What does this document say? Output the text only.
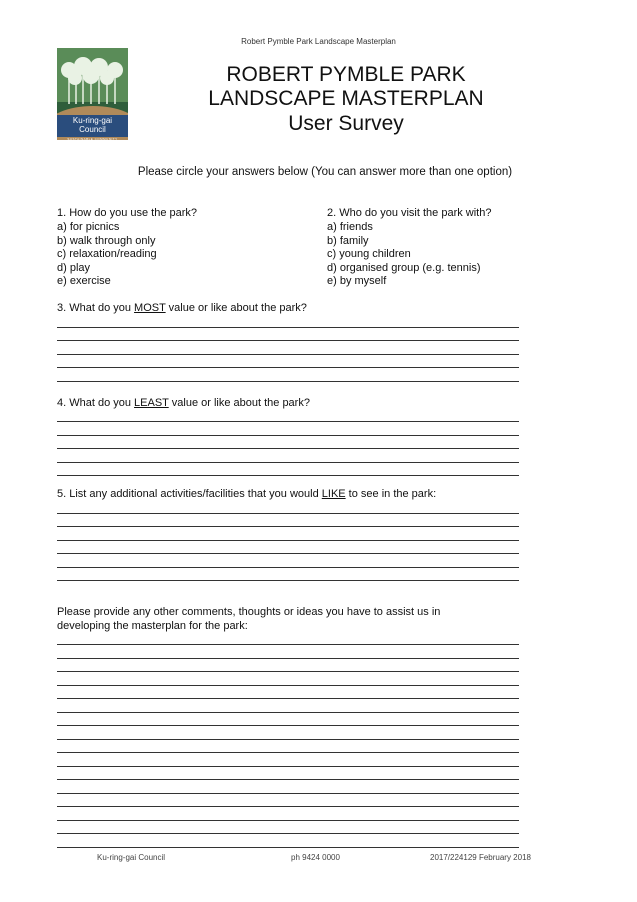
Robert Pymble Park Landscape Masterplan
Ku-ring-gai
Council
SUSTAINABLE COMMUNITY
ROBERT PYMBLE PARK
LANDSCAPE MASTERPLAN
User Survey
Please circle your answers below (You can answer more than one option)
1. How do you use the park?
a) for picnics
b) walk through only
c) relaxation/reading
d) play
e) exercise
2. Who do you visit the park with?
a) friends
b) family
c) young children
d) organised group (e.g. tennis)
e) by myself
3. What do you MOST value or like about the park?
4. What do you LEAST value or like about the park?
5. List any additional activities/facilities that you would LIKE to see in the park:
Please provide any other comments, thoughts or ideas you have to assist us in
developing the masterplan for the park:
Ku-ring-gai Council	ph 9424 0000	2017/224129 February 2018
